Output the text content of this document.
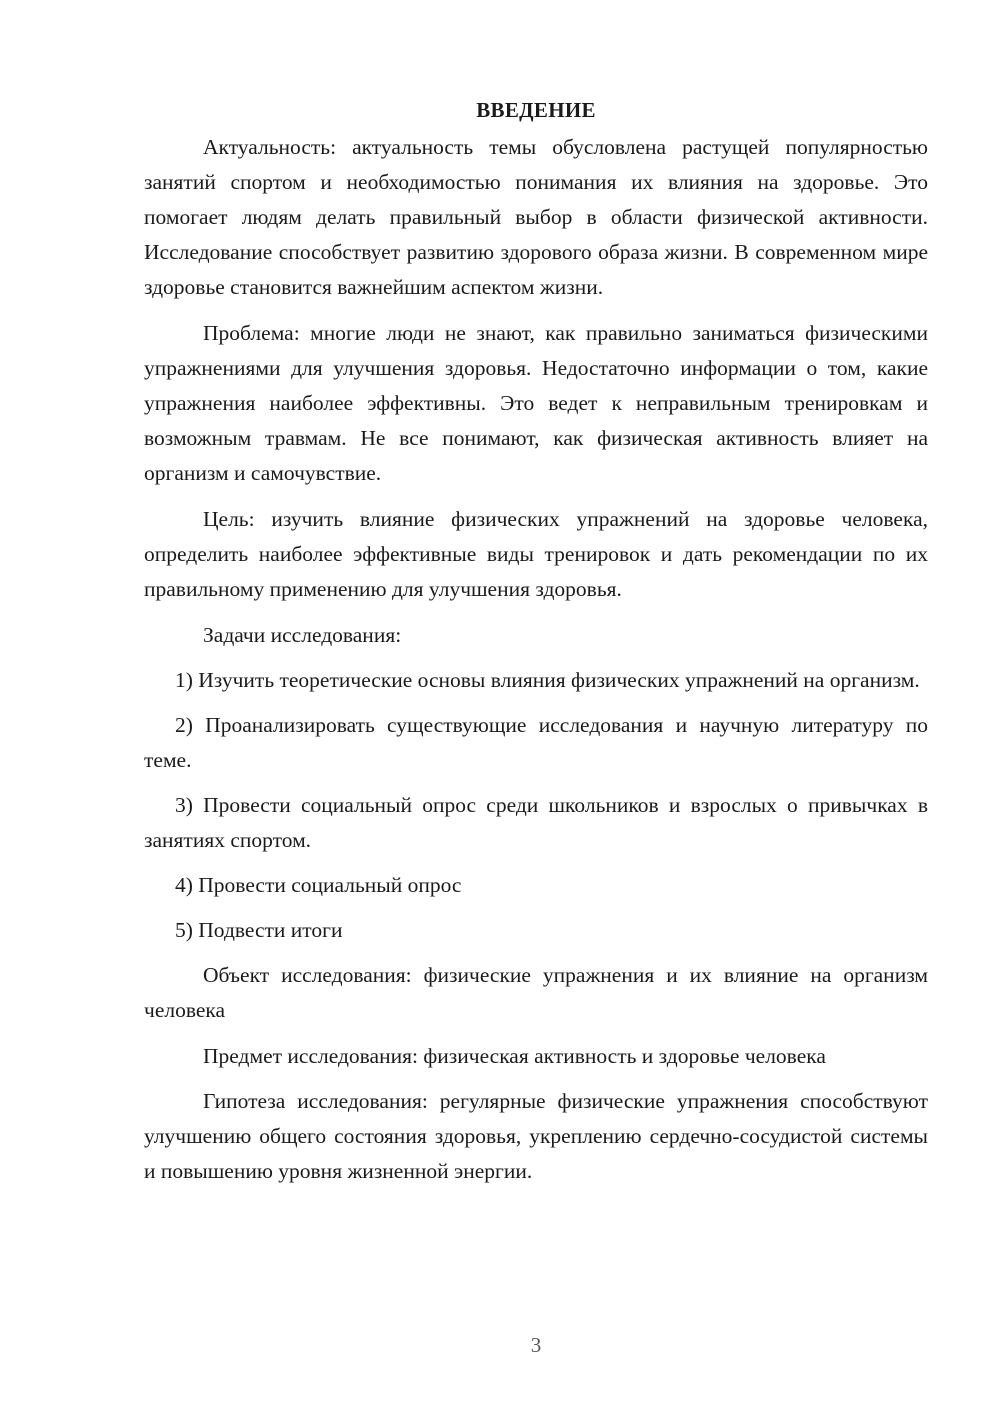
ВВЕДЕНИЕ

Актуальность: актуальность темы обусловлена растущей популярностью занятий спортом и необходимостью понимания их влияния на здоровье. Это помогает людям делать правильный выбор в области физической активности. Исследование способствует развитию здорового образа жизни. В современном мире здоровье становится важнейшим аспектом жизни.

Проблема: многие люди не знают, как правильно заниматься физическими упражнениями для улучшения здоровья. Недостаточно информации о том, какие упражнения наиболее эффективны. Это ведет к неправильным тренировкам и возможным травмам. Не все понимают, как физическая активность влияет на организм и самочувствие.

Цель: изучить влияние физических упражнений на здоровье человека, определить наиболее эффективные виды тренировок и дать рекомендации по их правильному применению для улучшения здоровья.

Задачи исследования:

1) Изучить теоретические основы влияния физических упражнений на организм.

2) Проанализировать существующие исследования и научную литературу по теме.

3) Провести социальный опрос среди школьников и взрослых о привычках в занятиях спортом.

4) Провести социальный опрос

5) Подвести итоги

Объект исследования: физические упражнения и их влияние на организм человека

Предмет исследования: физическая активность и здоровье человека

Гипотеза исследования: регулярные физические упражнения способствуют улучшению общего состояния здоровья, укреплению сердечно-сосудистой системы и повышению уровня жизненной энергии.

3
